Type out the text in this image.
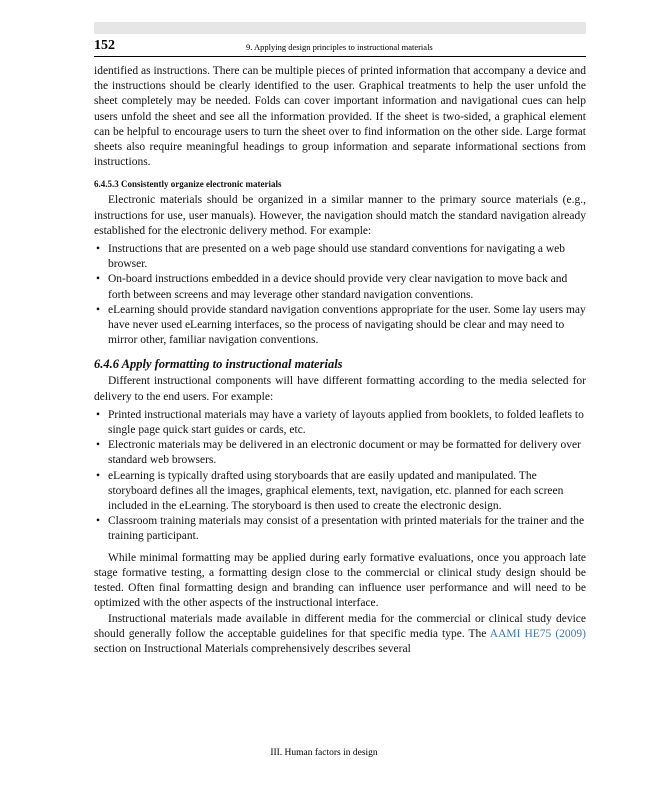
152	9. Applying design principles to instructional materials

identified as instructions. There can be multiple pieces of printed information that accompany a device and the instructions should be clearly identified to the user. Graphical treatments to help the user unfold the sheet completely may be needed. Folds can cover important information and navigational cues can help users unfold the sheet and see all the information provided. If the sheet is two-sided, a graphical element can be helpful to encourage users to turn the sheet over to find information on the other side. Large format sheets also require meaningful headings to group information and separate informational sections from instructions.

6.4.5.3 Consistently organize electronic materials

Electronic materials should be organized in a similar manner to the primary source materials (e.g., instructions for use, user manuals). However, the navigation should match the standard navigation already established for the electronic delivery method. For example:

• Instructions that are presented on a web page should use standard conventions for navigating a web browser.
• On-board instructions embedded in a device should provide very clear navigation to move back and forth between screens and may leverage other standard navigation conventions.
• eLearning should provide standard navigation conventions appropriate for the user. Some lay users may have never used eLearning interfaces, so the process of navigating should be clear and may need to mirror other, familiar navigation conventions.
6.4.6 Apply formatting to instructional materials

Different instructional components will have different formatting according to the media selected for delivery to the end users. For example:

• Printed instructional materials may have a variety of layouts applied from booklets, to folded leaflets to single page quick start guides or cards, etc.
• Electronic materials may be delivered in an electronic document or may be formatted for delivery over standard web browsers.
• eLearning is typically drafted using storyboards that are easily updated and manipulated. The storyboard defines all the images, graphical elements, text, navigation, etc. planned for each screen included in the eLearning. The storyboard is then used to create the electronic design.
• Classroom training materials may consist of a presentation with printed materials for the trainer and the training participant.

While minimal formatting may be applied during early formative evaluations, once you approach late stage formative testing, a formatting design close to the commercial or clinical study design should be tested. Often final formatting design and branding can influence user performance and will need to be optimized with the other aspects of the instructional interface.

Instructional materials made available in different media for the commercial or clinical study device should generally follow the acceptable guidelines for that specific media type. The AAMI HE75 (2009) section on Instructional Materials comprehensively describes several

III. Human factors in design
